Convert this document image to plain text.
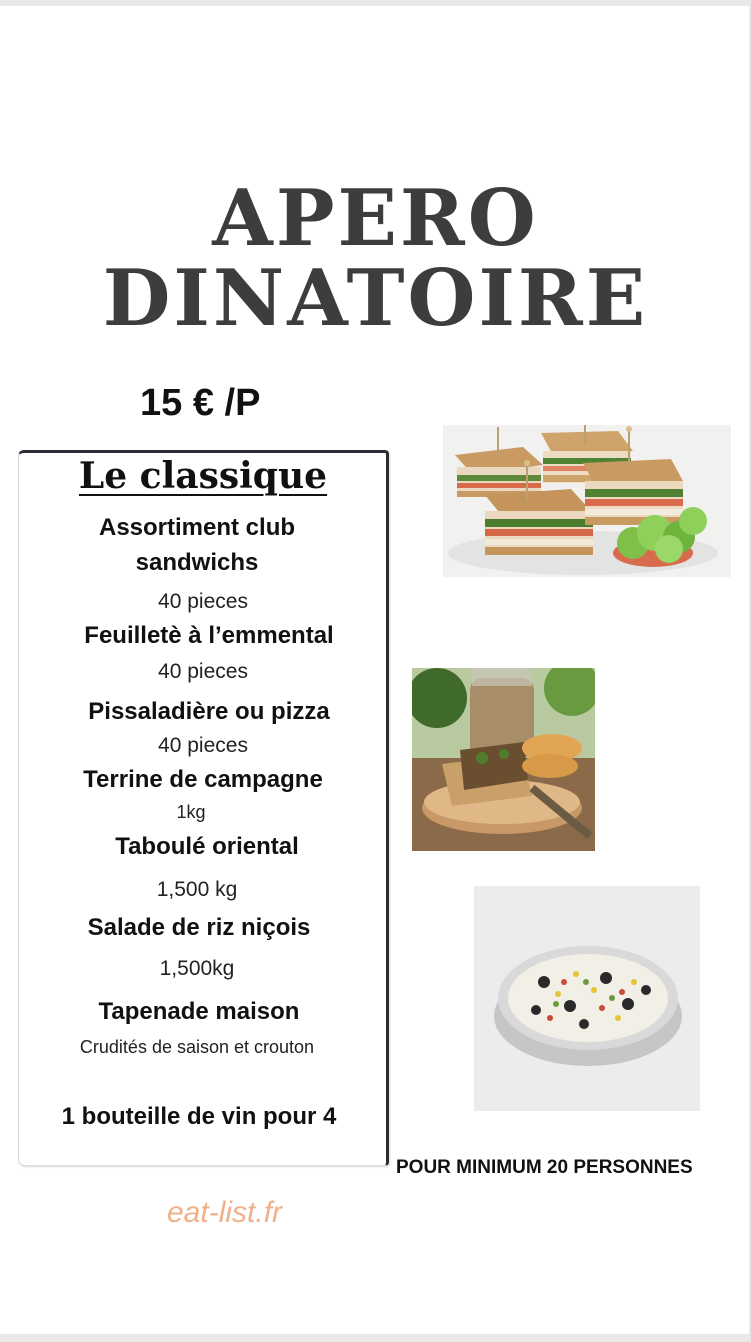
APERO
DINATOIRE
15 € /P
Le classique
Assortiment club
sandwichs
40 pieces
Feuilletè à l’emmental
40 pieces
Pissaladière ou pizza
40 pieces
Terrine de campagne
1kg
Taboulé oriental
1,500 kg
Salade de riz niçois
1,500kg
Tapenade maison
Crudités de saison et crouton
1 bouteille de vin pour 4
POUR MINIMUM 20 PERSONNES
eat-list.fr
